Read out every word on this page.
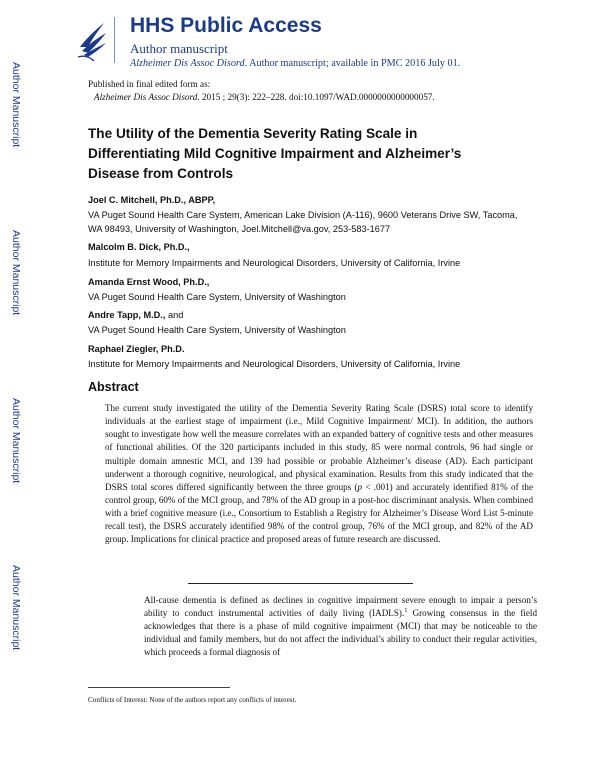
Author Manuscript
Author Manuscript
Author Manuscript
Author Manuscript
HHS Public Access
Author manuscript
Alzheimer Dis Assoc Disord. Author manuscript; available in PMC 2016 July 01.
Published in final edited form as:
Alzheimer Dis Assoc Disord. 2015 ; 29(3): 222–228. doi:10.1097/WAD.0000000000000057.
The Utility of the Dementia Severity Rating Scale in Differentiating Mild Cognitive Impairment and Alzheimer’s Disease from Controls
Joel C. Mitchell, Ph.D., ABPP,
VA Puget Sound Health Care System, American Lake Division (A-116), 9600 Veterans Drive SW, Tacoma, WA 98493, University of Washington, Joel.Mitchell@va.gov, 253-583-1677
Malcolm B. Dick, Ph.D.,
Institute for Memory Impairments and Neurological Disorders, University of California, Irvine
Amanda Ernst Wood, Ph.D.,
VA Puget Sound Health Care System, University of Washington
Andre Tapp, M.D., and
VA Puget Sound Health Care System, University of Washington
Raphael Ziegler, Ph.D.
Institute for Memory Impairments and Neurological Disorders, University of California, Irvine
Abstract

The current study investigated the utility of the Dementia Severity Rating Scale (DSRS) total score to identify individuals at the earliest stage of impairment (i.e., Mild Cognitive Impairment/ MCI). In addition, the authors sought to investigate how well the measure correlates with an expanded battery of cognitive tests and other measures of functional abilities. Of the 320 participants included in this study, 85 were normal controls, 96 had single or multiple domain amnestic MCI, and 139 had possible or probable Alzheimer’s disease (AD). Each participant underwent a thorough cognitive, neurological, and physical examination. Results from this study indicated that the DSRS total scores differed significantly between the three groups (p < .001) and accurately identified 81% of the control group, 60% of the MCI group, and 78% of the AD group in a post-hoc discriminant analysis. When combined with a brief cognitive measure (i.e., Consortium to Establish a Registry for Alzheimer’s Disease Word List 5-minute recall test), the DSRS accurately identified 98% of the control group, 76% of the MCI group, and 82% of the AD group. Implications for clinical practice and proposed areas of future research are discussed.

All-cause dementia is defined as declines in cognitive impairment severe enough to impair a person’s ability to conduct instrumental activities of daily living (IADLS).$^1$ Growing consensus in the field acknowledges that there is a phase of mild cognitive impairment (MCI) that may be noticeable to the individual and family members, but do not affect the individual’s ability to conduct their regular activities, which proceeds a formal diagnosis of

Conflicts of Interest: None of the authors report any conflicts of interest.
